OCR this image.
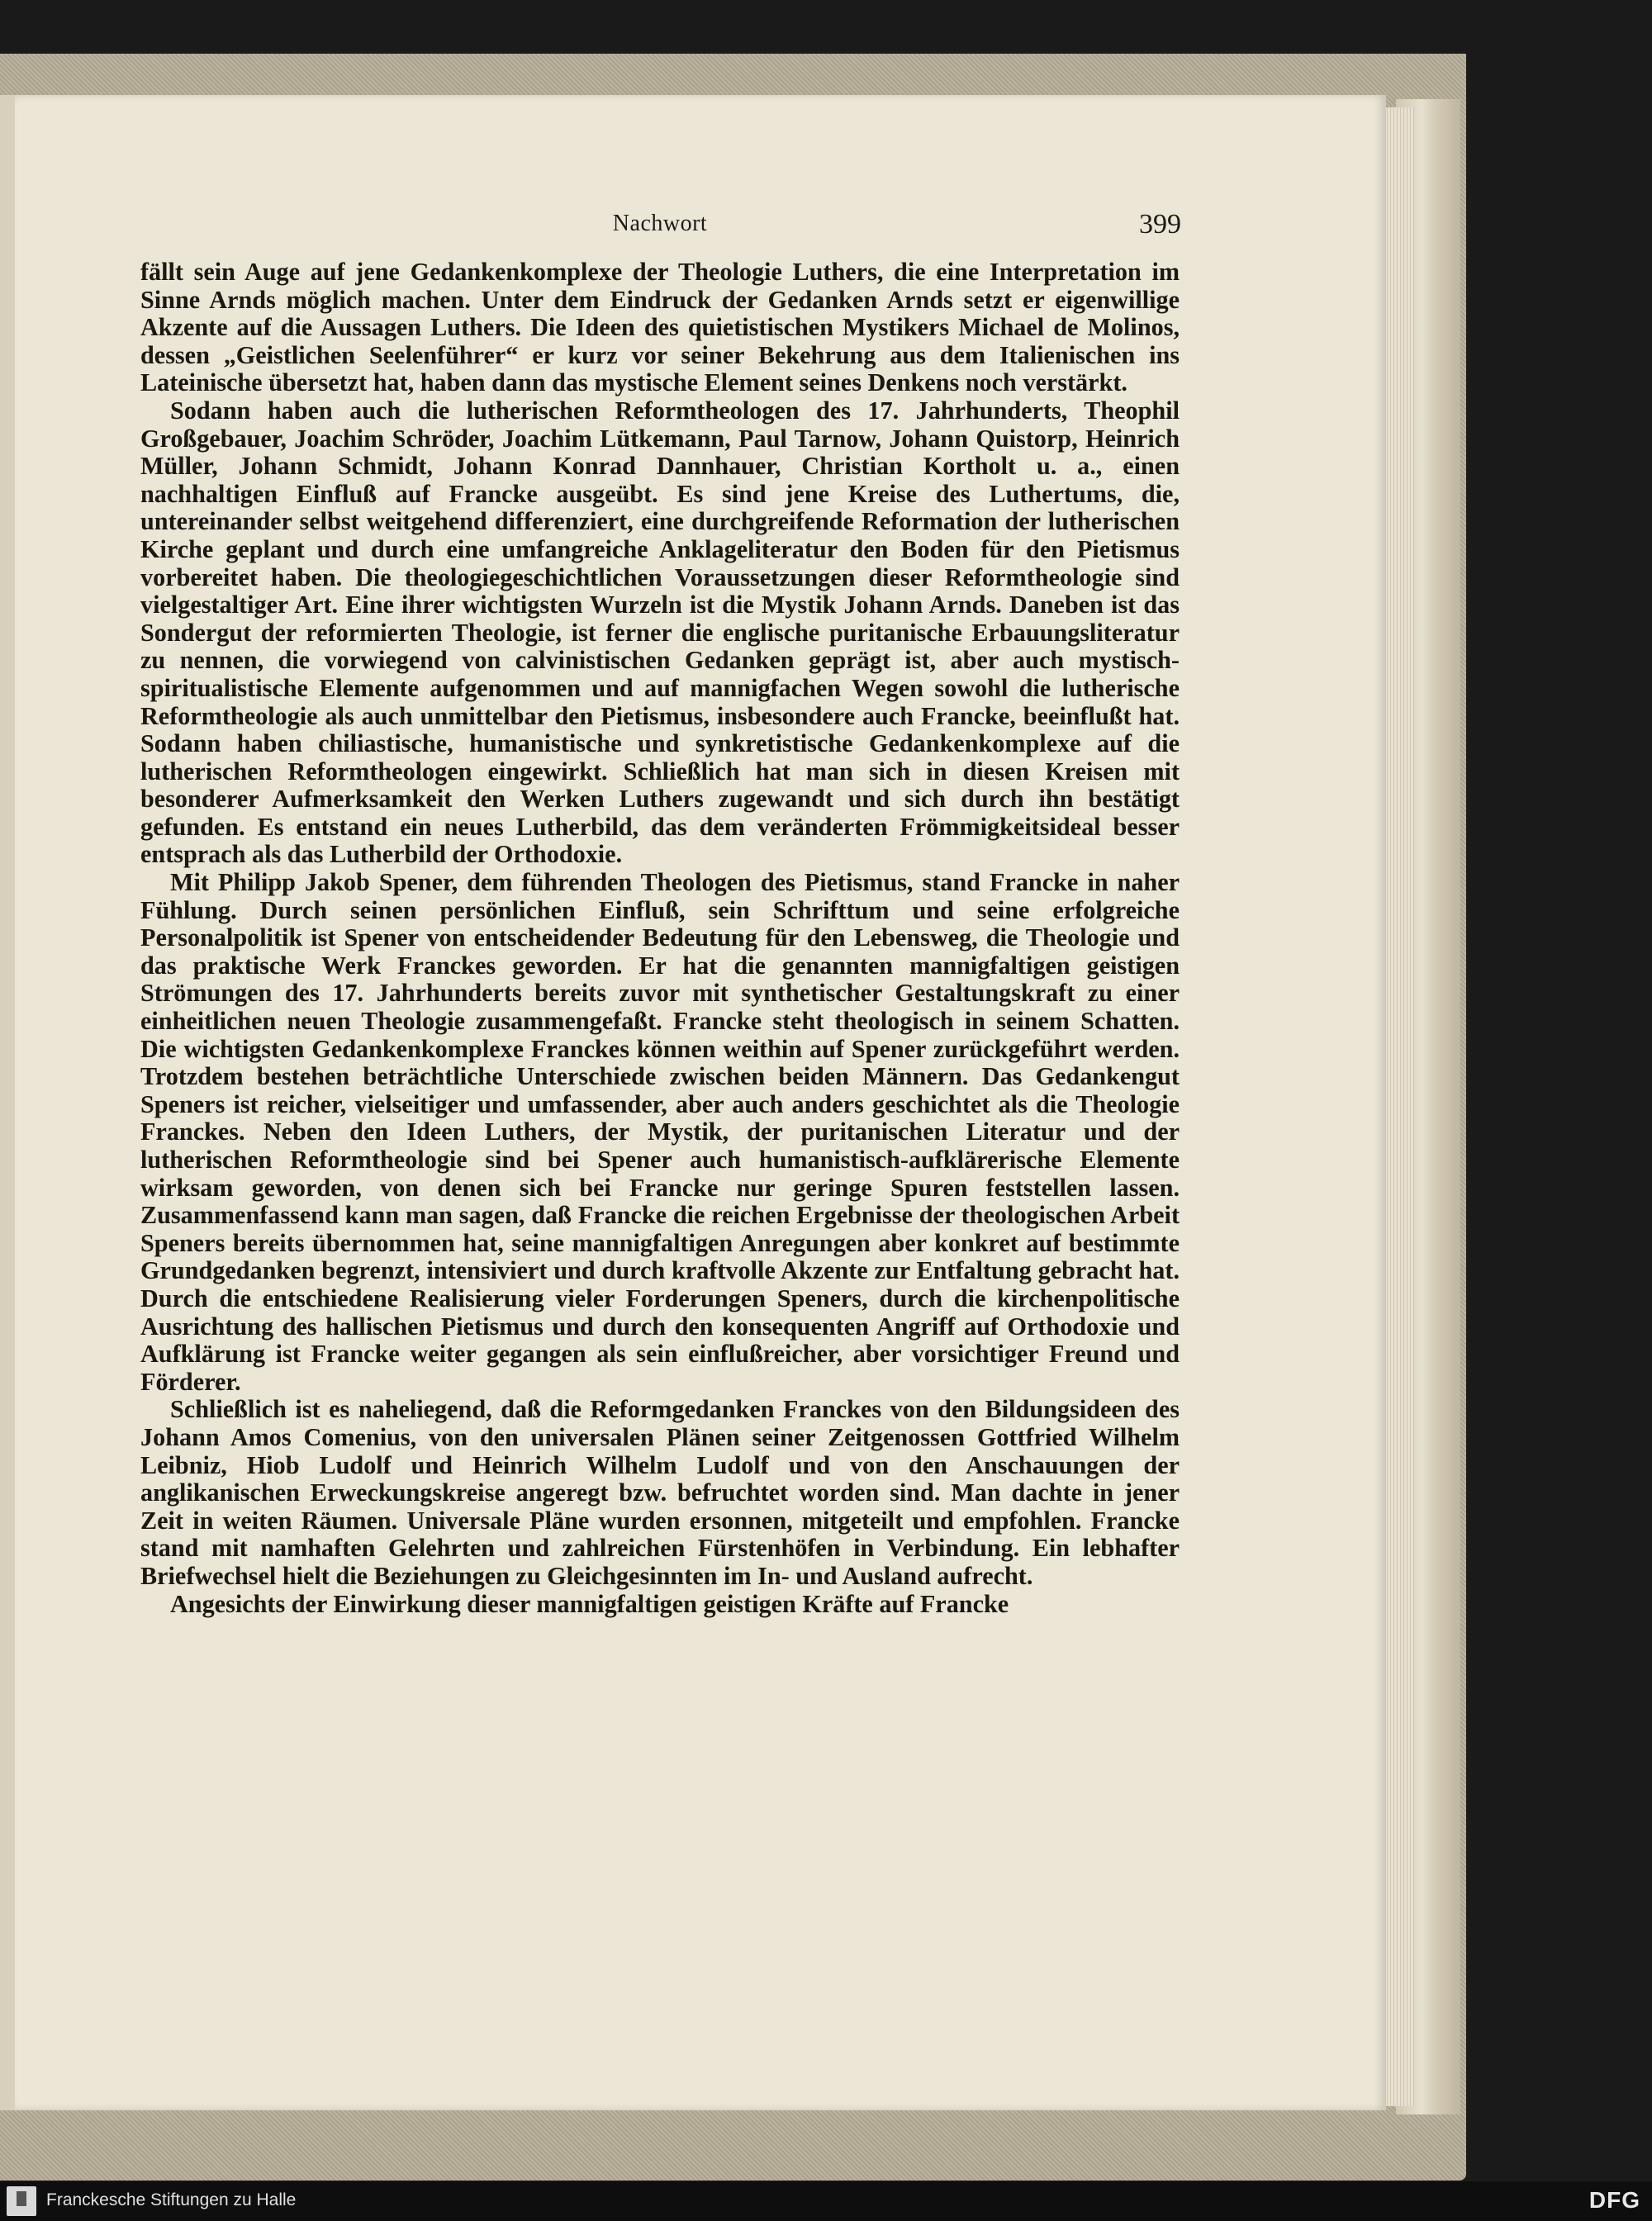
Nachwort	399

fällt sein Auge auf jene Gedankenkomplexe der Theologie Luthers, die eine Interpretation im Sinne Arnds möglich machen. Unter dem Eindruck der Gedanken Arnds setzt er eigenwillige Akzente auf die Aussagen Luthers. Die Ideen des quietistischen Mystikers Michael de Molinos, dessen „Geistlichen Seelenführer“ er kurz vor seiner Bekehrung aus dem Italienischen ins Lateinische übersetzt hat, haben dann das mystische Element seines Denkens noch verstärkt.

Sodann haben auch die lutherischen Reformtheologen des 17. Jahrhunderts, Theophil Großgebauer, Joachim Schröder, Joachim Lütkemann, Paul Tarnow, Johann Quistorp, Heinrich Müller, Johann Schmidt, Johann Konrad Dannhauer, Christian Kortholt u. a., einen nachhaltigen Einfluß auf Francke ausgeübt. Es sind jene Kreise des Luthertums, die, untereinander selbst weitgehend differenziert, eine durchgreifende Reformation der lutherischen Kirche geplant und durch eine umfangreiche Anklageliteratur den Boden für den Pietismus vorbereitet haben. Die theologiegeschichtlichen Voraussetzungen dieser Reformtheologie sind vielgestaltiger Art. Eine ihrer wichtigsten Wurzeln ist die Mystik Johann Arnds. Daneben ist das Sondergut der reformierten Theologie, ist ferner die englische puritanische Erbauungsliteratur zu nennen, die vorwiegend von calvinistischen Gedanken geprägt ist, aber auch mystisch-spiritualistische Elemente aufgenommen und auf mannigfachen Wegen sowohl die lutherische Reformtheologie als auch unmittelbar den Pietismus, insbesondere auch Francke, beeinflußt hat. Sodann haben chiliastische, humanistische und synkretistische Gedankenkomplexe auf die lutherischen Reformtheologen eingewirkt. Schließlich hat man sich in diesen Kreisen mit besonderer Aufmerksamkeit den Werken Luthers zugewandt und sich durch ihn bestätigt gefunden. Es entstand ein neues Lutherbild, das dem veränderten Frömmigkeitsideal besser entsprach als das Lutherbild der Orthodoxie.

Mit Philipp Jakob Spener, dem führenden Theologen des Pietismus, stand Francke in naher Fühlung. Durch seinen persönlichen Einfluß, sein Schrifttum und seine erfolgreiche Personalpolitik ist Spener von entscheidender Bedeutung für den Lebensweg, die Theologie und das praktische Werk Franckes geworden. Er hat die genannten mannigfaltigen geistigen Strömungen des 17. Jahrhunderts bereits zuvor mit synthetischer Gestaltungskraft zu einer einheitlichen neuen Theologie zusammengefaßt. Francke steht theologisch in seinem Schatten. Die wichtigsten Gedankenkomplexe Franckes können weithin auf Spener zurückgeführt werden. Trotzdem bestehen beträchtliche Unterschiede zwischen beiden Männern. Das Gedankengut Speners ist reicher, vielseitiger und umfassender, aber auch anders geschichtet als die Theologie Franckes. Neben den Ideen Luthers, der Mystik, der puritanischen Literatur und der lutherischen Reformtheologie sind bei Spener auch humanistisch-aufklärerische Elemente wirksam geworden, von denen sich bei Francke nur geringe Spuren feststellen lassen. Zusammenfassend kann man sagen, daß Francke die reichen Ergebnisse der theologischen Arbeit Speners bereits übernommen hat, seine mannigfaltigen Anregungen aber konkret auf bestimmte Grundgedanken begrenzt, intensiviert und durch kraftvolle Akzente zur Entfaltung gebracht hat. Durch die entschiedene Realisierung vieler Forderungen Speners, durch die kirchenpolitische Ausrichtung des hallischen Pietismus und durch den konsequenten Angriff auf Orthodoxie und Aufklärung ist Francke weiter gegangen als sein einflußreicher, aber vorsichtiger Freund und Förderer.

Schließlich ist es naheliegend, daß die Reformgedanken Franckes von den Bildungsideen des Johann Amos Comenius, von den universalen Plänen seiner Zeitgenossen Gottfried Wilhelm Leibniz, Hiob Ludolf und Heinrich Wilhelm Ludolf und von den Anschauungen der anglikanischen Erweckungskreise angeregt bzw. befruchtet worden sind. Man dachte in jener Zeit in weiten Räumen. Universale Pläne wurden ersonnen, mitgeteilt und empfohlen. Francke stand mit namhaften Gelehrten und zahlreichen Fürstenhöfen in Verbindung. Ein lebhafter Briefwechsel hielt die Beziehungen zu Gleichgesinnten im In- und Ausland aufrecht.

Angesichts der Einwirkung dieser mannigfaltigen geistigen Kräfte auf Francke

Franckesche Stiftungen zu Halle	DFG
